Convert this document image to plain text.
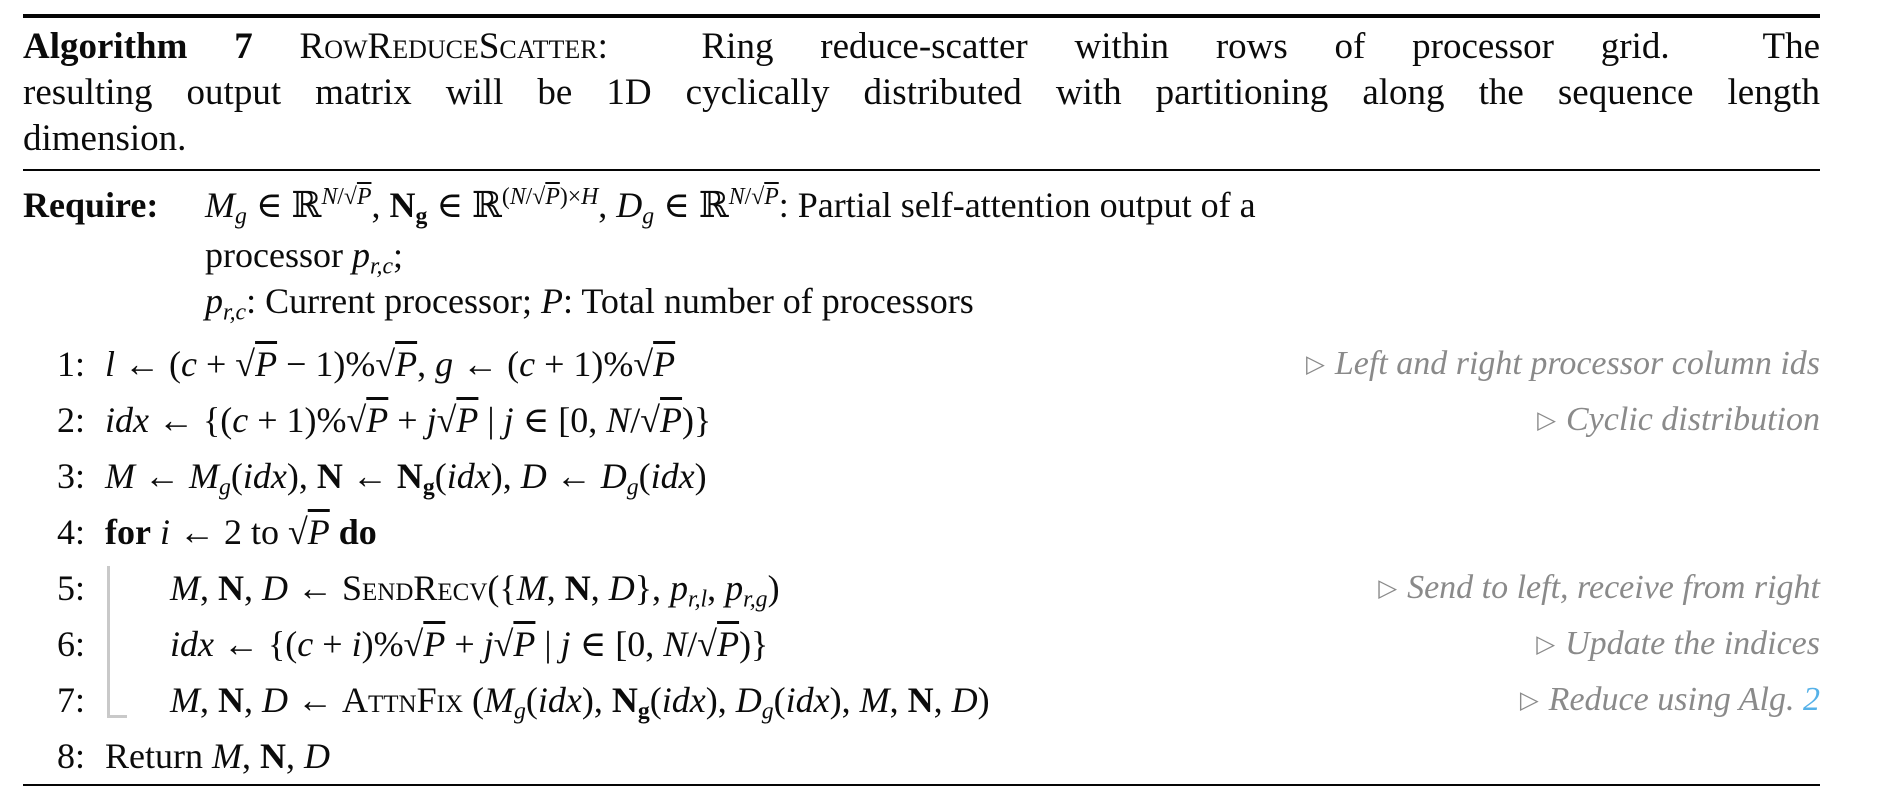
Algorithm 7 RowReduceScatter:  Ring reduce-scatter within rows of processor grid.  The
resulting output matrix will be 1D cyclically distributed with partitioning along the sequence length
dimension.
Require: $M_g$ ∈ ℝ$^{N/√P}$, $N_g$ ∈ ℝ$^{(N/√P)\times H}$, $D_g$ ∈ ℝ$^{N/√P}$: Partial self-attention output of a
processor $p_{r,c}$;
$p_{r,c}$: Current processor; P: Total number of processors
1: l ← (c + √P − 1)%√P, g ← (c + 1)%√P	▷ Left and right processor column ids
2: idx ← {(c + 1)%√P + j√P | j ∈ [0, N/√P)}	▷ Cyclic distribution
3: M ← $M_g(idx)$, N ← $N_g(idx)$, D ← $D_g(idx)$
4: for i ← 2 to √P do
5: M, N, D ← SendRecv({M, N, D}, $p_{r,l}$, $p_{r,g}$)	▷ Send to left, receive from right
6: idx ← {(c + i)%√P + j√P | j ∈ [0, N/√P)}	▷ Update the indices
7: M, N, D ← AttnFix ($M_g(idx)$, $N_g(idx)$, $D_g(idx)$, M, N, D)	▷ Reduce using Alg. 2
8: Return M, N, D
